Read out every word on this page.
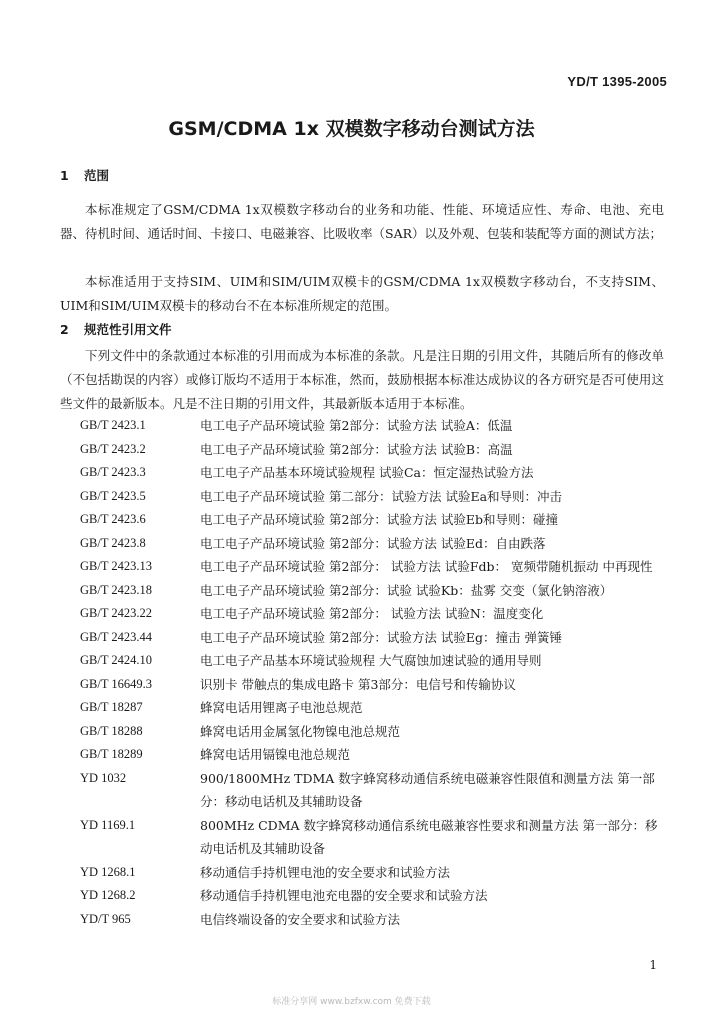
YD/T 1395-2005
GSM/CDMA 1x 双模数字移动台测试方法
1 范围
本标准规定了GSM/CDMA 1x双模数字移动台的业务和功能、性能、环境适应性、寿命、电池、充电器、待机时间、通话时间、卡接口、电磁兼容、比吸收率（SAR）以及外观、包装和装配等方面的测试方法；
本标准适用于支持SIM、UIM和SIM/UIM双模卡的GSM/CDMA 1x双模数字移动台，不支持SIM、UIM和SIM/UIM双模卡的移动台不在本标准所规定的范围。
2 规范性引用文件
下列文件中的条款通过本标准的引用而成为本标准的条款。凡是注日期的引用文件，其随后所有的修改单（不包括勘误的内容）或修订版均不适用于本标准，然而，鼓励根据本标准达成协议的各方研究是否可使用这些文件的最新版本。凡是不注日期的引用文件，其最新版本适用于本标准。
GB/T 2423.1	电工电子产品环境试验 第2部分：试验方法 试验A：低温
GB/T 2423.2	电工电子产品环境试验 第2部分：试验方法 试验B：高温
GB/T 2423.3	电工电子产品基本环境试验规程 试验Ca：恒定湿热试验方法
GB/T 2423.5	电工电子产品环境试验 第二部分：试验方法 试验Ea和导则：冲击
GB/T 2423.6	电工电子产品环境试验 第2部分：试验方法 试验Eb和导则：碰撞
GB/T 2423.8	电工电子产品环境试验 第2部分：试验方法 试验Ed：自由跌落
GB/T 2423.13	电工电子产品环境试验 第2部分： 试验方法 试验Fdb： 宽频带随机振动 中再现性
GB/T 2423.18	电工电子产品环境试验 第2部分：试验 试验Kb：盐雾 交变（氯化钠溶液）
GB/T 2423.22	电工电子产品环境试验 第2部分： 试验方法 试验N：温度变化
GB/T 2423.44	电工电子产品环境试验 第2部分：试验方法 试验Eg：撞击 弹簧锤
GB/T 2424.10	电工电子产品基本环境试验规程 大气腐蚀加速试验的通用导则
GB/T 16649.3	识别卡 带触点的集成电路卡 第3部分：电信号和传输协议
GB/T 18287	蜂窝电话用锂离子电池总规范
GB/T 18288	蜂窝电话用金属氢化物镍电池总规范
GB/T 18289	蜂窝电话用镉镍电池总规范
YD 1032	900/1800MHz TDMA 数字蜂窝移动通信系统电磁兼容性限值和测量方法 第一部分：移动电话机及其辅助设备
YD 1169.1	800MHz CDMA 数字蜂窝移动通信系统电磁兼容性要求和测量方法 第一部分：移动电话机及其辅助设备
YD 1268.1	移动通信手持机锂电池的安全要求和试验方法
YD 1268.2	移动通信手持机锂电池充电器的安全要求和试验方法
YD/T 965	电信终端设备的安全要求和试验方法
1
标准分享网 www.bzfxw.com 免费下载
